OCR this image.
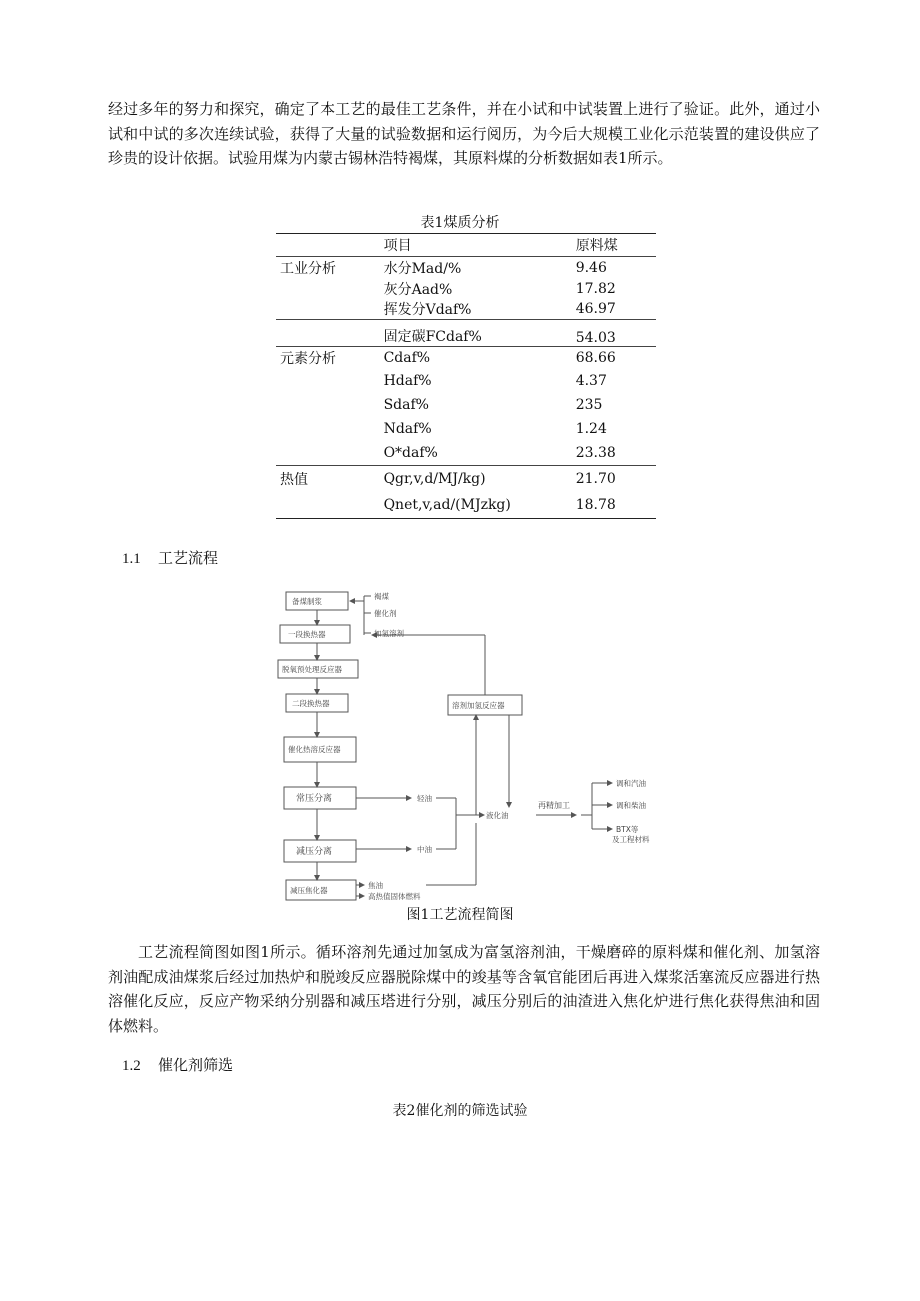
经过多年的努力和探究，确定了本工艺的最佳工艺条件，并在小试和中试装置上进行了验证。此外，通过小试和中试的多次连续试验，获得了大量的试验数据和运行阅历，为今后大规模工业化示范装置的建设供应了珍贵的设计依据。试验用煤为内蒙古锡林浩特褐煤，其原料煤的分析数据如表1所示。

表1煤质分析

	项目	原料煤
工业分析	水分Mad/%	9.46
	灰分Aad%	17.82
	挥发分Vdaf%	46.97
	固定碳FCdaf%	54.03
元素分析	Cdaf%	68.66
	Hdaf%	4.37
	Sdaf%	235
	Ndaf%	1.24
	O*daf%	23.38
热值	Qgr,v,d/MJ/kg)	21.70
	Qnet,v,ad/(MJzkg)	18.78
1.1 工艺流程
备煤制浆
一段换热器
脱氧预处理反应器
二段换热器
催化热溶反应器
常压分离
减压分离
减压焦化器
溶剂加氢反应器
褐煤
催化剂
加氢溶剂
轻油
中油
液化油
再精加工
焦油
高热值固体燃料
调和汽油
调和柴油
BTX等
及工程材料

图1工艺流程简图

工艺流程简图如图1所示。循环溶剂先通过加氢成为富氢溶剂油，干燥磨碎的原料煤和催化剂、加氢溶剂油配成油煤浆后经过加热炉和脱竣反应器脱除煤中的竣基等含氧官能团后再进入煤浆活塞流反应器进行热溶催化反应，反应产物采纳分别器和减压塔进行分别，减压分别后的油渣进入焦化炉进行焦化获得焦油和固体燃料。

1.2 催化剂筛选

表2催化剂的筛选试验
